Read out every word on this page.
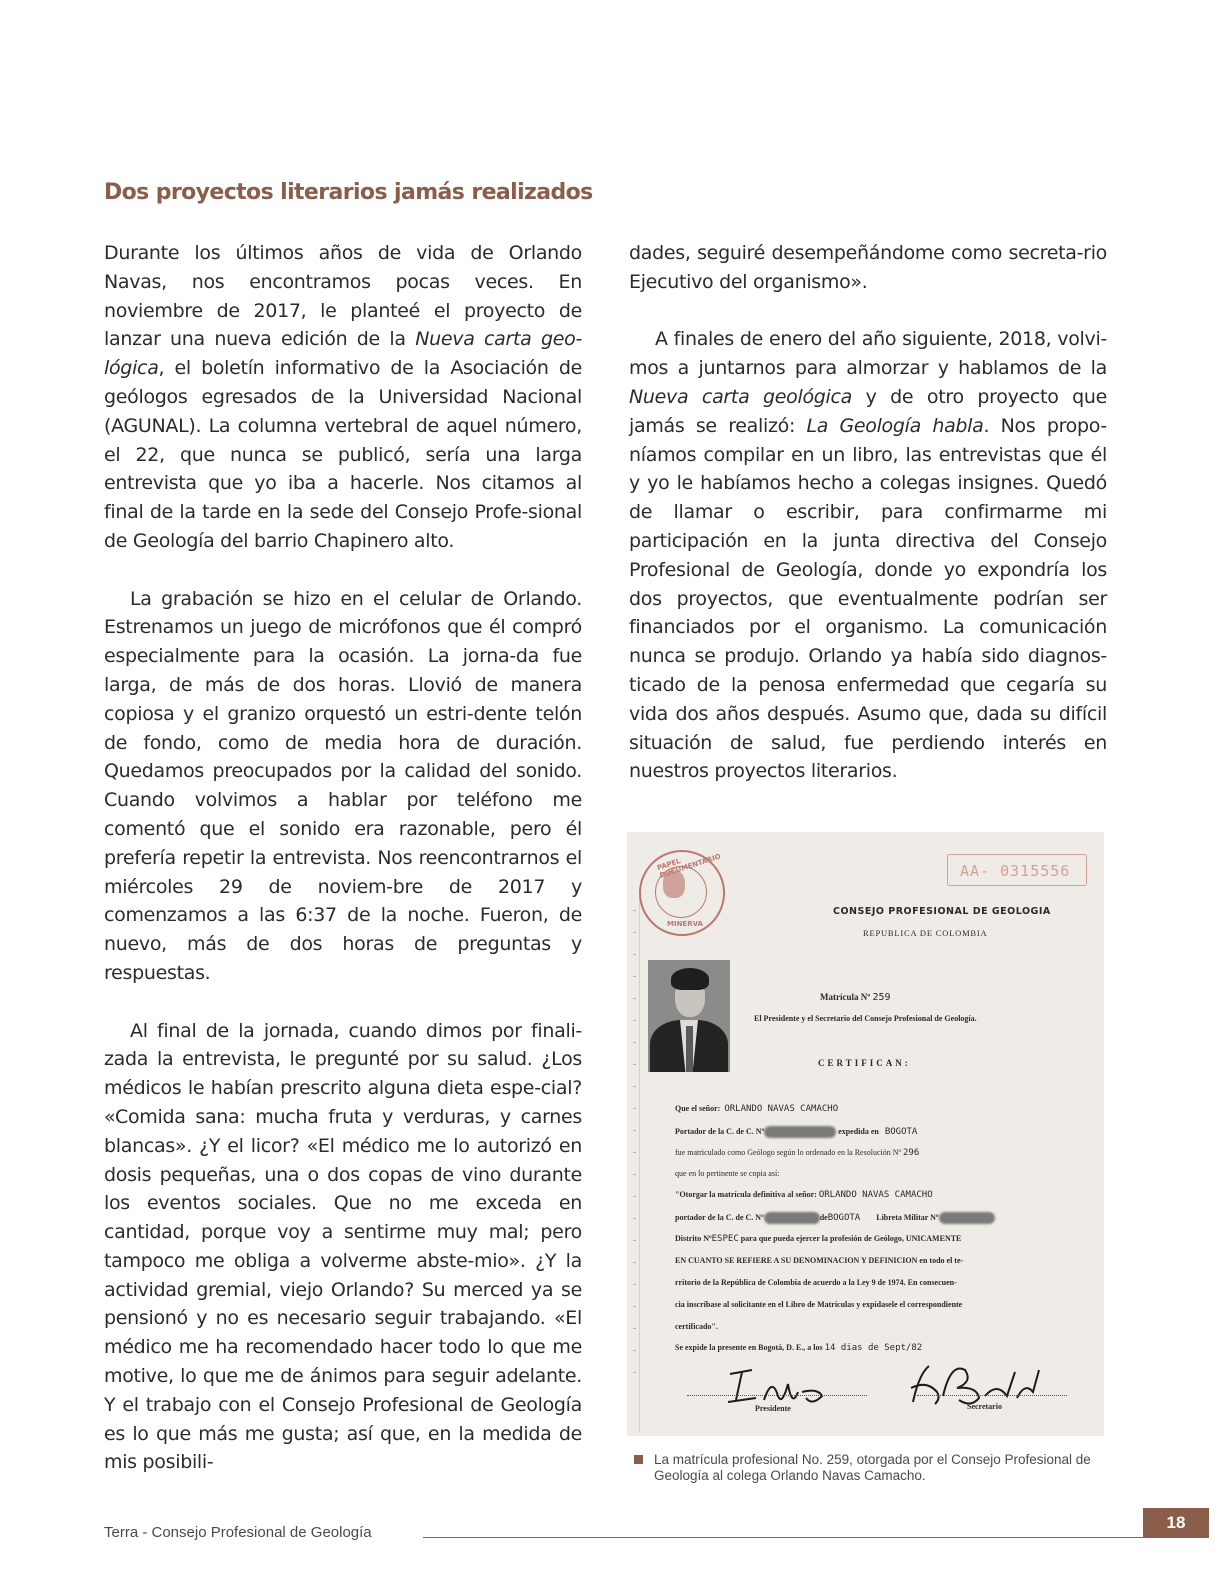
Dos proyectos literarios jamás realizados

Durante los últimos años de vida de Orlando Navas, nos encontramos pocas veces. En noviembre de 2017, le planteé el proyecto de lanzar una nueva edición de la Nueva carta geo-lógica, el boletín informativo de la Asociación de geólogos egresados de la Universidad Nacional (AGUNAL). La columna vertebral de aquel número, el 22, que nunca se publicó, sería una larga entrevista que yo iba a hacerle. Nos citamos al final de la tarde en la sede del Consejo Profe-sional de Geología del barrio Chapinero alto.

La grabación se hizo en el celular de Orlando. Estrenamos un juego de micrófonos que él compró especialmente para la ocasión. La jorna-da fue larga, de más de dos horas. Llovió de manera copiosa y el granizo orquestó un estri-dente telón de fondo, como de media hora de duración. Quedamos preocupados por la calidad del sonido. Cuando volvimos a hablar por teléfono me comentó que el sonido era razonable, pero él prefería repetir la entrevista. Nos reencontrarnos el miércoles 29 de noviem-bre de 2017 y comenzamos a las 6:37 de la noche. Fueron, de nuevo, más de dos horas de preguntas y respuestas.

Al final de la jornada, cuando dimos por finali-zada la entrevista, le pregunté por su salud. ¿Los médicos le habían prescrito alguna dieta espe-cial? «Comida sana: mucha fruta y verduras, y carnes blancas». ¿Y el licor? «El médico me lo autorizó en dosis pequeñas, una o dos copas de vino durante los eventos sociales. Que no me exceda en cantidad, porque voy a sentirme muy mal; pero tampoco me obliga a volverme abste-mio». ¿Y la actividad gremial, viejo Orlando? Su merced ya se pensionó y no es necesario seguir trabajando. «El médico me ha recomendado hacer todo lo que me motive, lo que me de ánimos para seguir adelante. Y el trabajo con el Consejo Profesional de Geología es lo que más me gusta; así que, en la medida de mis posibili-

dades, seguiré desempeñándome como secreta-rio Ejecutivo del organismo».

A finales de enero del año siguiente, 2018, volvi-mos a juntarnos para almorzar y hablamos de la Nueva carta geológica y de otro proyecto que jamás se realizó: La Geología habla. Nos propo-níamos compilar en un libro, las entrevistas que él y yo le habíamos hecho a colegas insignes. Quedó de llamar o escribir, para confirmarme mi participación en la junta directiva del Consejo Profesional de Geología, donde yo expondría los dos proyectos, que eventualmente podrían ser financiados por el organismo. La comunicación nunca se produjo. Orlando ya había sido diagnos-ticado de la penosa enfermedad que cegaría su vida dos años después. Asumo que, dada su difícil situación de salud, fue perdiendo interés en nuestros proyectos literarios.

PAPEL DOCUMENTARIO
MINERVA
AA- 0315556
CONSEJO PROFESIONAL DE GEOLOGIA
REPUBLICA DE COLOMBIA
Matrícula Nº 259
El Presidente y el Secretario del Consejo Profesional de Geología.
CERTIFICAN:
Que el señor: ORLANDO NAVAS CAMACHO
Portador de la C. de C. Nº	expedida en BOGOTA
fue matriculado como Geólogo según lo ordenado en la Resolución Nº 296
que en lo pertinente se copia así:
"Otorgar la matrícula definitiva al señor: ORLANDO NAVAS CAMACHO
portador de la C. de C. Nº	deBOGOTA Libreta Militar Nº
Distrito NºESPEC para que pueda ejercer la profesión de Geólogo, UNICAMENTE
EN CUANTO SE REFIERE A SU DENOMINACION Y DEFINICION en todo el te-
rritorio de la República de Colombia de acuerdo a la Ley 9 de 1974. En consecuen-
cia inscríbase al solicitante en el Libro de Matrículas y expídasele el correspondiente
certificado".
Se expide la presente en Bogotá, D. E., a los 14 dias de Sept/82
Presidente	Secretario
La matrícula profesional No. 259, otorgada por el Consejo Profesional de Geología al colega Orlando Navas Camacho.
Terra - Consejo Profesional de Geología
18
